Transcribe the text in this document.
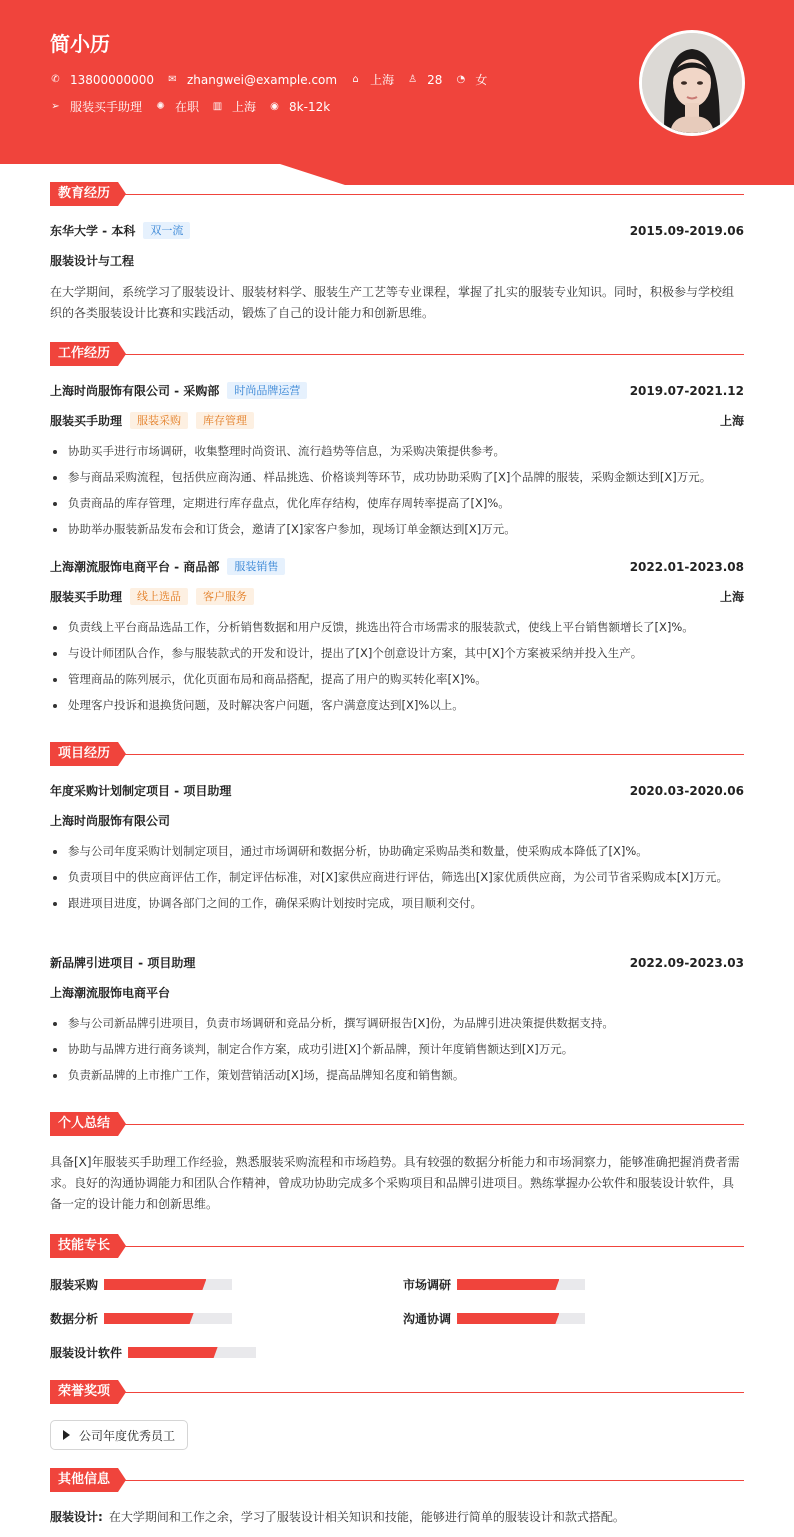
简小历
✆ 13800000000 ✉ zhangwei@example.com ⌂ 上海 ♙ 28 ◔ 女
➢ 服装买手助理 ✺ 在职 ▥ 上海 ◉ 8k-12k
教育经历
东华大学 - 本科	双一流	2015.09-2019.06
服装设计与工程
在大学期间，系统学习了服装设计、服装材料学、服装生产工艺等专业课程，掌握了扎实的服装专业知识。同时，积极参与学校组织的各类服装设计比赛和实践活动，锻炼了自己的设计能力和创新思维。
工作经历
上海时尚服饰有限公司 - 采购部	时尚品牌运营	2019.07-2021.12
服装买手助理	服装采购	库存管理	上海
协助买手进行市场调研，收集整理时尚资讯、流行趋势等信息，为采购决策提供参考。
参与商品采购流程，包括供应商沟通、样品挑选、价格谈判等环节，成功协助采购了[X]个品牌的服装，采购金额达到[X]万元。
负责商品的库存管理，定期进行库存盘点，优化库存结构，使库存周转率提高了[X]%。
协助举办服装新品发布会和订货会，邀请了[X]家客户参加，现场订单金额达到[X]万元。
上海潮流服饰电商平台 - 商品部	服装销售	2022.01-2023.08
服装买手助理	线上选品	客户服务	上海
负责线上平台商品选品工作，分析销售数据和用户反馈，挑选出符合市场需求的服装款式，使线上平台销售额增长了[X]%。
与设计师团队合作，参与服装款式的开发和设计，提出了[X]个创意设计方案，其中[X]个方案被采纳并投入生产。
管理商品的陈列展示，优化页面布局和商品搭配，提高了用户的购买转化率[X]%。
处理客户投诉和退换货问题，及时解决客户问题，客户满意度达到[X]%以上。
项目经历
年度采购计划制定项目 - 项目助理	2020.03-2020.06
上海时尚服饰有限公司
参与公司年度采购计划制定项目，通过市场调研和数据分析，协助确定采购品类和数量，使采购成本降低了[X]%。
负责项目中的供应商评估工作，制定评估标准，对[X]家供应商进行评估，筛选出[X]家优质供应商，为公司节省采购成本[X]万元。
跟进项目进度，协调各部门之间的工作，确保采购计划按时完成，项目顺利交付。
新品牌引进项目 - 项目助理	2022.09-2023.03
上海潮流服饰电商平台
参与公司新品牌引进项目，负责市场调研和竞品分析，撰写调研报告[X]份，为品牌引进决策提供数据支持。
协助与品牌方进行商务谈判，制定合作方案，成功引进[X]个新品牌，预计年度销售额达到[X]万元。
负责新品牌的上市推广工作，策划营销活动[X]场，提高品牌知名度和销售额。
个人总结
具备[X]年服装买手助理工作经验，熟悉服装采购流程和市场趋势。具有较强的数据分析能力和市场洞察力，能够准确把握消费者需求。良好的沟通协调能力和团队合作精神，曾成功协助完成多个采购项目和品牌引进项目。熟练掌握办公软件和服装设计软件，具备一定的设计能力和创新思维。
技能专长
服装采购	市场调研
数据分析	沟通协调
服装设计软件
荣誉奖项
公司年度优秀员工
其他信息
服装设计: 在大学期间和工作之余，学习了服装设计相关知识和技能，能够进行简单的服装设计和款式搭配。
